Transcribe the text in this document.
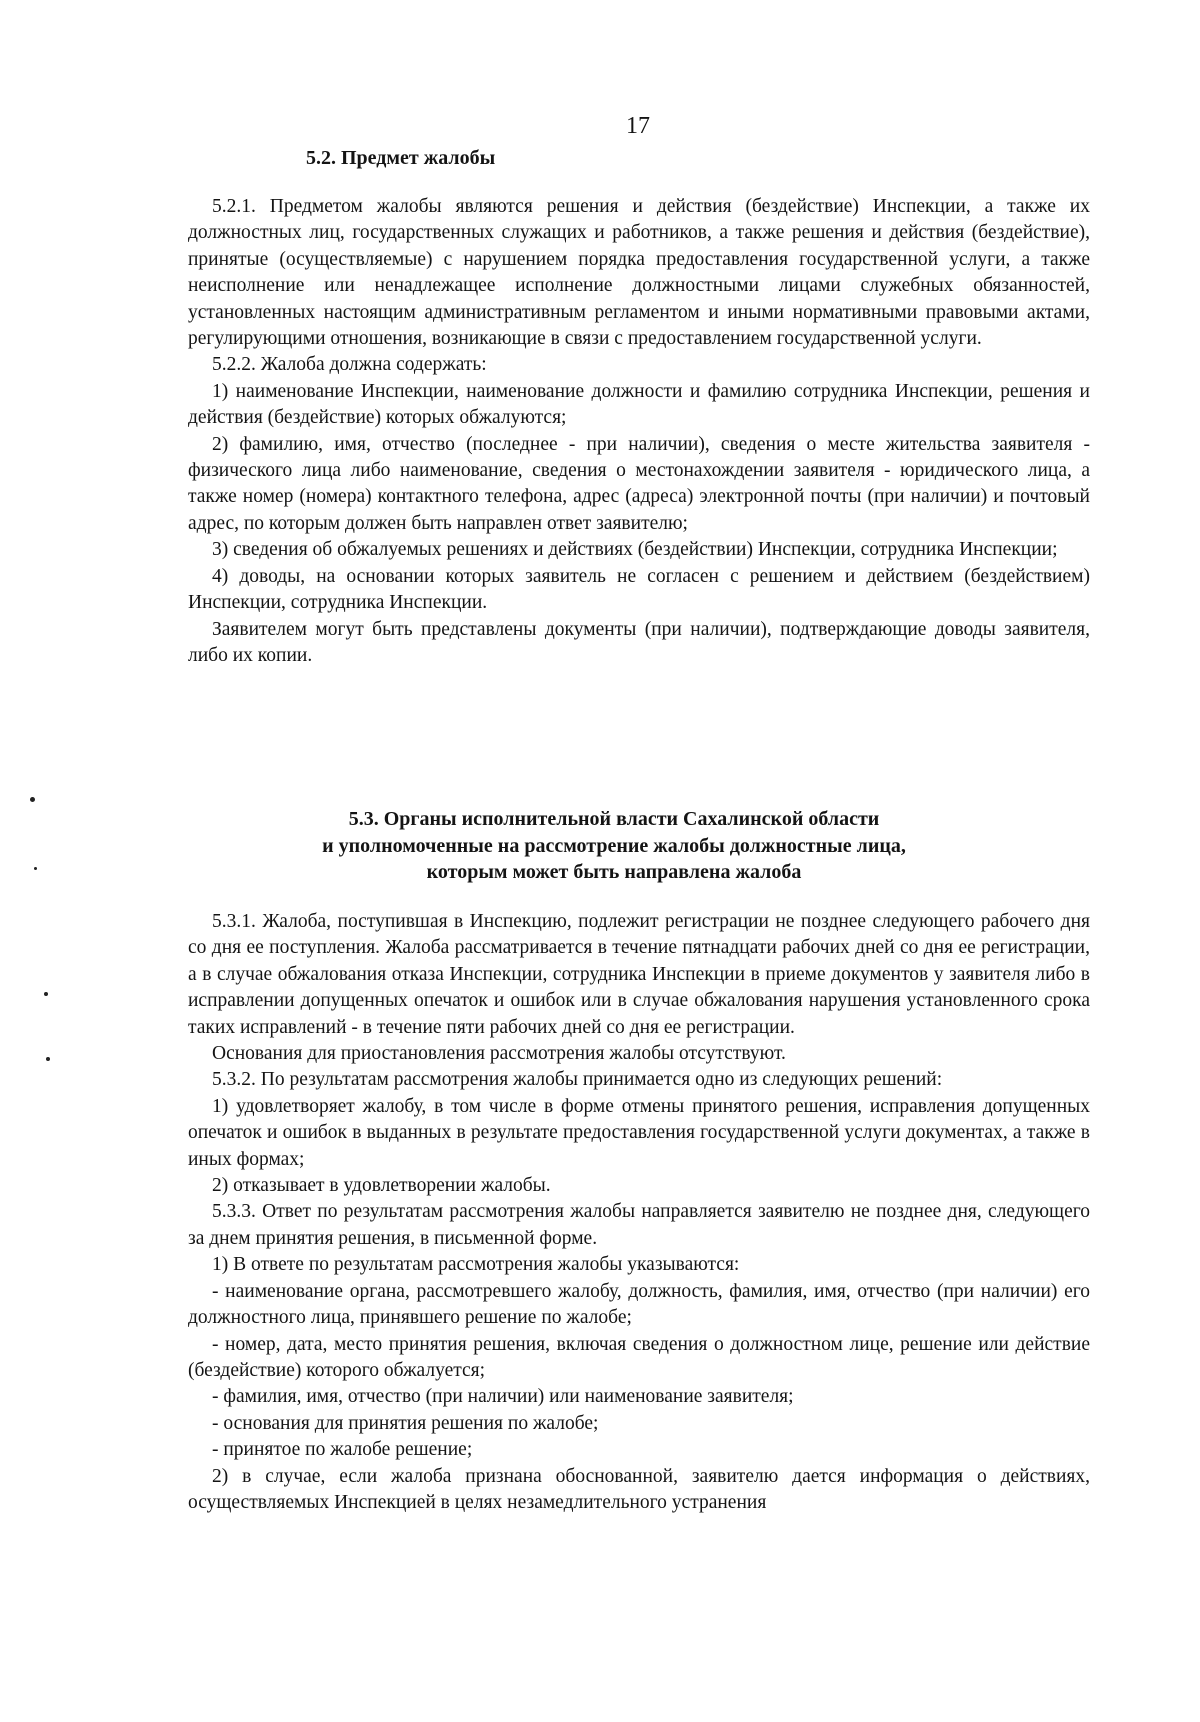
17
5.2. Предмет жалобы

5.2.1. Предметом жалобы являются решения и действия (бездействие) Инспекции, а также их должностных лиц, государственных служащих и работников, а также решения и действия (бездействие), принятые (осуществляемые) с нарушением порядка предоставления государственной услуги, а также неисполнение или ненадлежащее исполнение должностными лицами служебных обязанностей, установленных настоящим административным регламентом и иными нормативными правовыми актами, регулирующими отношения, возникающие в связи с предоставлением государственной услуги.

5.2.2. Жалоба должна содержать:

1) наименование Инспекции, наименование должности и фамилию сотрудника Инспекции, решения и действия (бездействие) которых обжалуются;

2) фамилию, имя, отчество (последнее - при наличии), сведения о месте жительства заявителя - физического лица либо наименование, сведения о местонахождении заявителя - юридического лица, а также номер (номера) контактного телефона, адрес (адреса) электронной почты (при наличии) и почтовый адрес, по которым должен быть направлен ответ заявителю;

3) сведения об обжалуемых решениях и действиях (бездействии) Инспекции, сотрудника Инспекции;

4) доводы, на основании которых заявитель не согласен с решением и действием (бездействием) Инспекции, сотрудника Инспекции.

Заявителем могут быть представлены документы (при наличии), подтверждающие доводы заявителя, либо их копии.

5.3. Органы исполнительной власти Сахалинской области
и уполномоченные на рассмотрение жалобы должностные лица,
которым может быть направлена жалоба

5.3.1. Жалоба, поступившая в Инспекцию, подлежит регистрации не позднее следующего рабочего дня со дня ее поступления. Жалоба рассматривается в течение пятнадцати рабочих дней со дня ее регистрации, а в случае обжалования отказа Инспекции, сотрудника Инспекции в приеме документов у заявителя либо в исправлении допущенных опечаток и ошибок или в случае обжалования нарушения установленного срока таких исправлений - в течение пяти рабочих дней со дня ее регистрации.

Основания для приостановления рассмотрения жалобы отсутствуют.

5.3.2. По результатам рассмотрения жалобы принимается одно из следующих решений:

1) удовлетворяет жалобу, в том числе в форме отмены принятого решения, исправления допущенных опечаток и ошибок в выданных в результате предоставления государственной услуги документах, а также в иных формах;

2) отказывает в удовлетворении жалобы.

5.3.3. Ответ по результатам рассмотрения жалобы направляется заявителю не позднее дня, следующего за днем принятия решения, в письменной форме.

1) В ответе по результатам рассмотрения жалобы указываются:

- наименование органа, рассмотревшего жалобу, должность, фамилия, имя, отчество (при наличии) его должностного лица, принявшего решение по жалобе;

- номер, дата, место принятия решения, включая сведения о должностном лице, решение или действие (бездействие) которого обжалуется;

- фамилия, имя, отчество (при наличии) или наименование заявителя;

- основания для принятия решения по жалобе;

- принятое по жалобе решение;

2) в случае, если жалоба признана обоснованной, заявителю дается информация о действиях, осуществляемых Инспекцией в целях незамедлительного устранения
